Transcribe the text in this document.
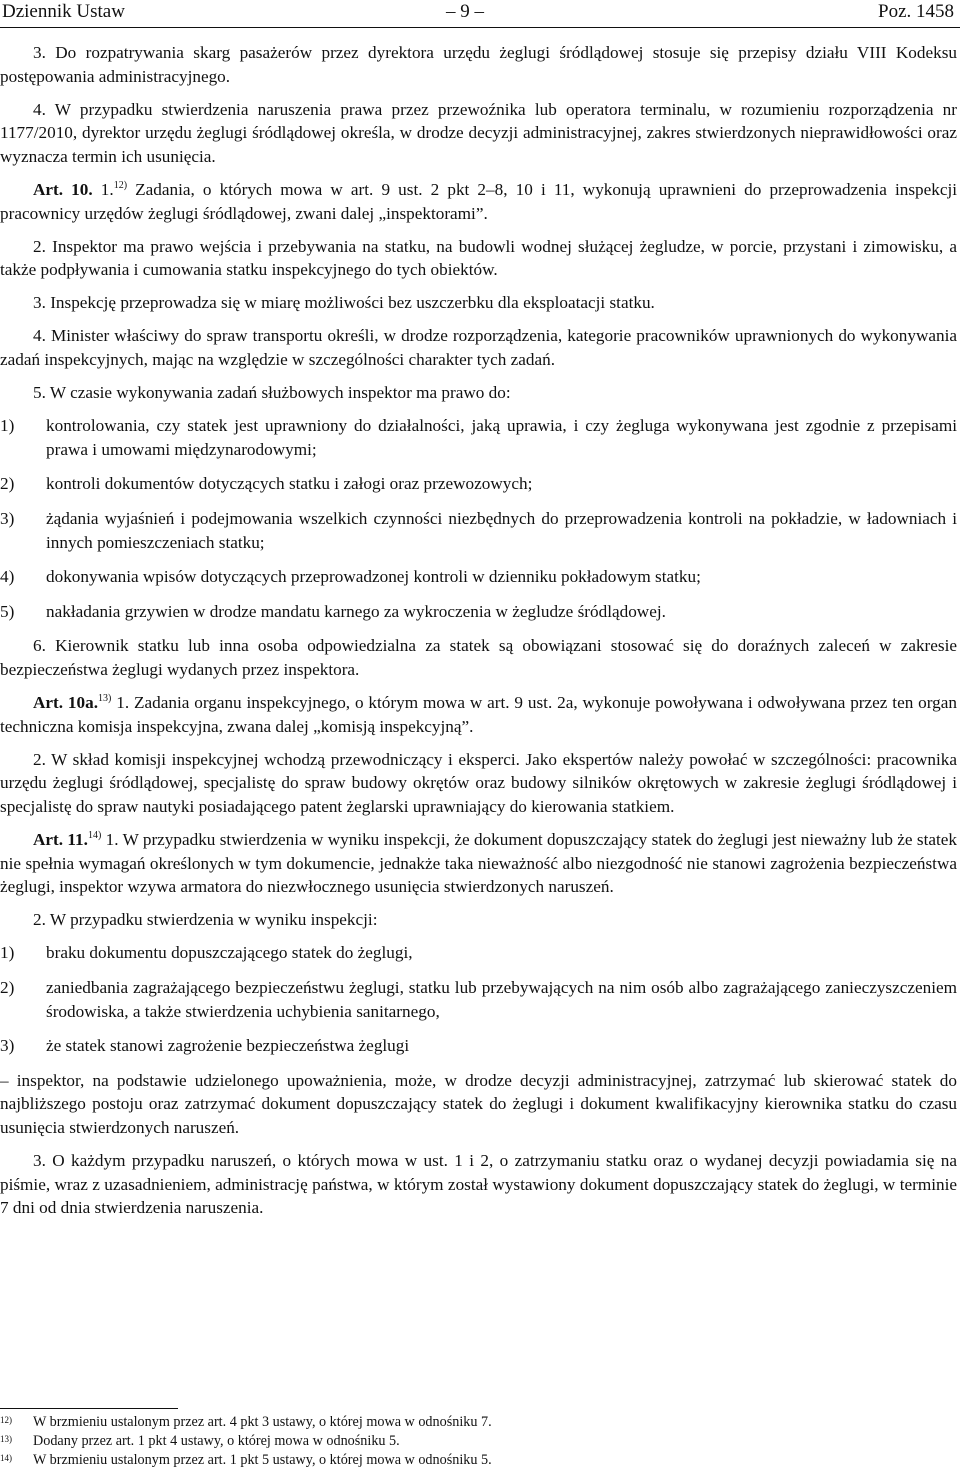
Dziennik Ustaw	– 9 –	Poz. 1458

3. Do rozpatrywania skarg pasażerów przez dyrektora urzędu żeglugi śródlądowej stosuje się przepisy działu VIII Kodeksu postępowania administracyjnego.

4. W przypadku stwierdzenia naruszenia prawa przez przewoźnika lub operatora terminalu, w rozumieniu rozporządzenia nr 1177/2010, dyrektor urzędu żeglugi śródlądowej określa, w drodze decyzji administracyjnej, zakres stwierdzonych nieprawidłowości oraz wyznacza termin ich usunięcia.

Art. 10. 1.$^{12)}$ Zadania, o których mowa w art. 9 ust. 2 pkt 2–8, 10 i 11, wykonują uprawnieni do przeprowadzenia inspekcji pracownicy urzędów żeglugi śródlądowej, zwani dalej „inspektorami”.

2. Inspektor ma prawo wejścia i przebywania na statku, na budowli wodnej służącej żegludze, w porcie, przystani i zimowisku, a także podpływania i cumowania statku inspekcyjnego do tych obiektów.

3. Inspekcję przeprowadza się w miarę możliwości bez uszczerbku dla eksploatacji statku.

4. Minister właściwy do spraw transportu określi, w drodze rozporządzenia, kategorie pracowników uprawnionych do wykonywania zadań inspekcyjnych, mając na względzie w szczególności charakter tych zadań.

5. W czasie wykonywania zadań służbowych inspektor ma prawo do:

1)	kontrolowania, czy statek jest uprawniony do działalności, jaką uprawia, i czy żegluga wykonywana jest zgodnie z przepisami prawa i umowami międzynarodowymi;
2)	kontroli dokumentów dotyczących statku i załogi oraz przewozowych;
3)	żądania wyjaśnień i podejmowania wszelkich czynności niezbędnych do przeprowadzenia kontroli na pokładzie, w ładowniach i innych pomieszczeniach statku;
4)	dokonywania wpisów dotyczących przeprowadzonej kontroli w dzienniku pokładowym statku;
5)	nakładania grzywien w drodze mandatu karnego za wykroczenia w żegludze śródlądowej.

6. Kierownik statku lub inna osoba odpowiedzialna za statek są obowiązani stosować się do doraźnych zaleceń w zakresie bezpieczeństwa żeglugi wydanych przez inspektora.

Art. 10a.$^{13)}$ 1. Zadania organu inspekcyjnego, o którym mowa w art. 9 ust. 2a, wykonuje powoływana i odwoływana przez ten organ techniczna komisja inspekcyjna, zwana dalej „komisją inspekcyjną”.

2. W skład komisji inspekcyjnej wchodzą przewodniczący i eksperci. Jako ekspertów należy powołać w szczególności: pracownika urzędu żeglugi śródlądowej, specjalistę do spraw budowy okrętów oraz budowy silników okrętowych w zakresie żeglugi śródlądowej i specjalistę do spraw nautyki posiadającego patent żeglarski uprawniający do kierowania statkiem.

Art. 11.$^{14)}$ 1. W przypadku stwierdzenia w wyniku inspekcji, że dokument dopuszczający statek do żeglugi jest nieważny lub że statek nie spełnia wymagań określonych w tym dokumencie, jednakże taka nieważność albo niezgodność nie stanowi zagrożenia bezpieczeństwa żeglugi, inspektor wzywa armatora do niezwłocznego usunięcia stwierdzonych naruszeń.

2. W przypadku stwierdzenia w wyniku inspekcji:

1)	braku dokumentu dopuszczającego statek do żeglugi,
2)	zaniedbania zagrażającego bezpieczeństwu żeglugi, statku lub przebywających na nim osób albo zagrażającego zanieczyszczeniem środowiska, a także stwierdzenia uchybienia sanitarnego,
3)	że statek stanowi zagrożenie bezpieczeństwa żeglugi

– inspektor, na podstawie udzielonego upoważnienia, może, w drodze decyzji administracyjnej, zatrzymać lub skierować statek do najbliższego postoju oraz zatrzymać dokument dopuszczający statek do żeglugi i dokument kwalifikacyjny kierownika statku do czasu usunięcia stwierdzonych naruszeń.

3. O każdym przypadku naruszeń, o których mowa w ust. 1 i 2, o zatrzymaniu statku oraz o wydanej decyzji powiadamia się na piśmie, wraz z uzasadnieniem, administrację państwa, w którym został wystawiony dokument dopuszczający statek do żeglugi, w terminie 7 dni od dnia stwierdzenia naruszenia.

12)	W brzmieniu ustalonym przez art. 4 pkt 3 ustawy, o której mowa w odnośniku 7.
13)	Dodany przez art. 1 pkt 4 ustawy, o której mowa w odnośniku 5.
14)	W brzmieniu ustalonym przez art. 1 pkt 5 ustawy, o której mowa w odnośniku 5.
